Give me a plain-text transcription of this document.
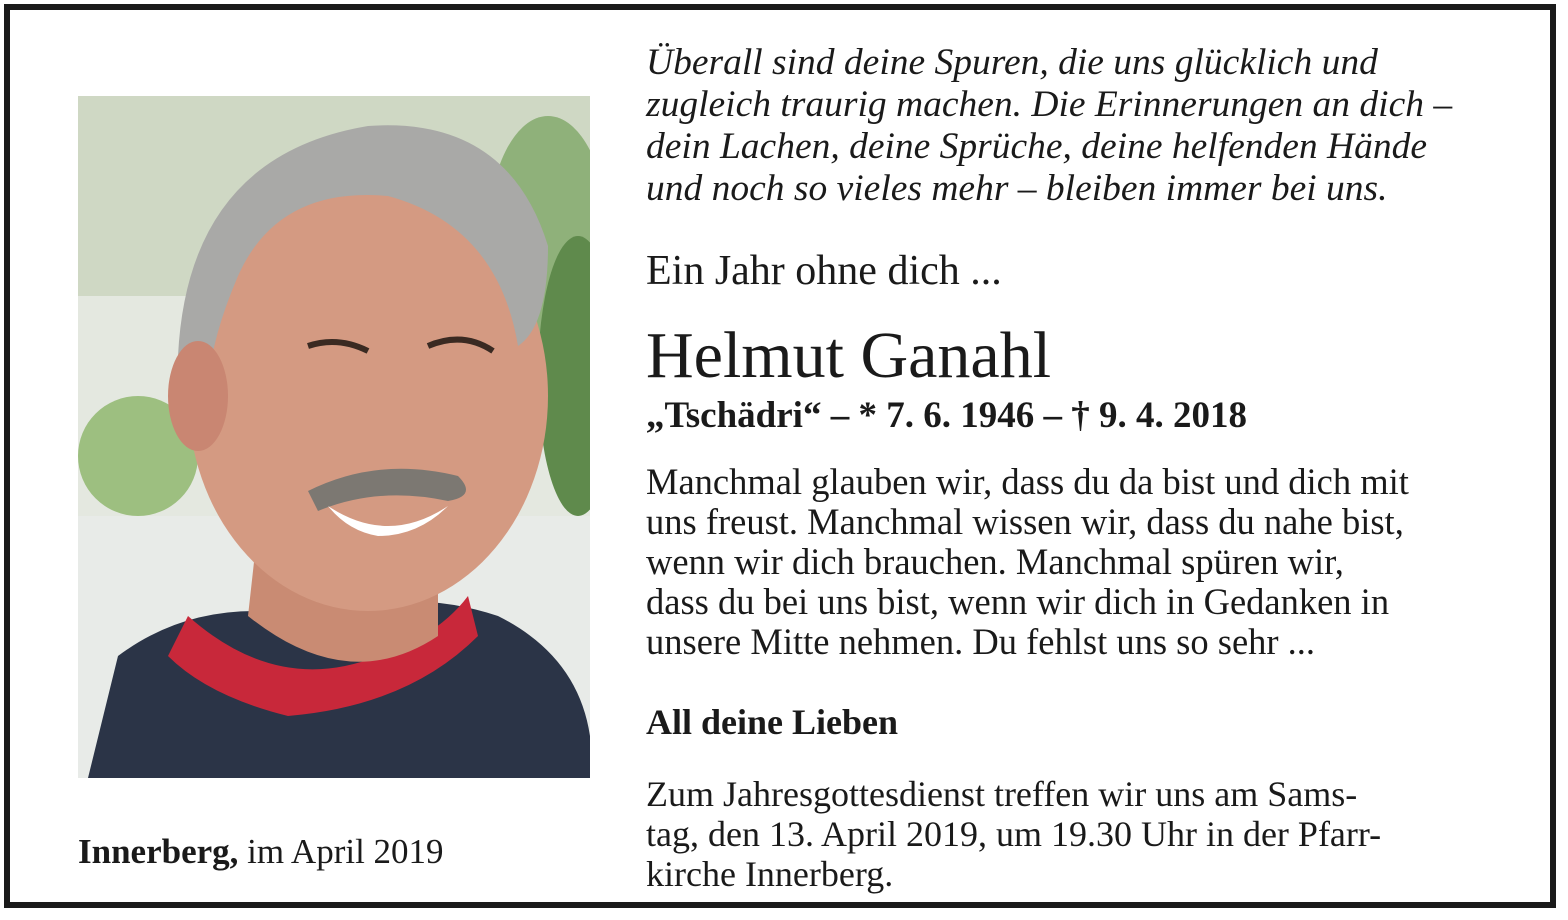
Innerberg, im April 2019
Überall sind deine Spuren, die uns glücklich und
zugleich traurig machen. Die Erinnerungen an dich –
dein Lachen, deine Sprüche, deine helfenden Hände
und noch so vieles mehr – bleiben immer bei uns.
Ein Jahr ohne dich ...
Helmut Ganahl
„Tschädri“ – * 7. 6. 1946 – † 9. 4. 2018
Manchmal glauben wir, dass du da bist und dich mit
uns freust. Manchmal wissen wir, dass du nahe bist,
wenn wir dich brauchen. Manchmal spüren wir,
dass du bei uns bist, wenn wir dich in Gedanken in
unsere Mitte nehmen. Du fehlst uns so sehr ...
All deine Lieben
Zum Jahresgottesdienst treffen wir uns am Sams-
tag, den 13. April 2019, um 19.30 Uhr in der Pfarr-
kirche Innerberg.
